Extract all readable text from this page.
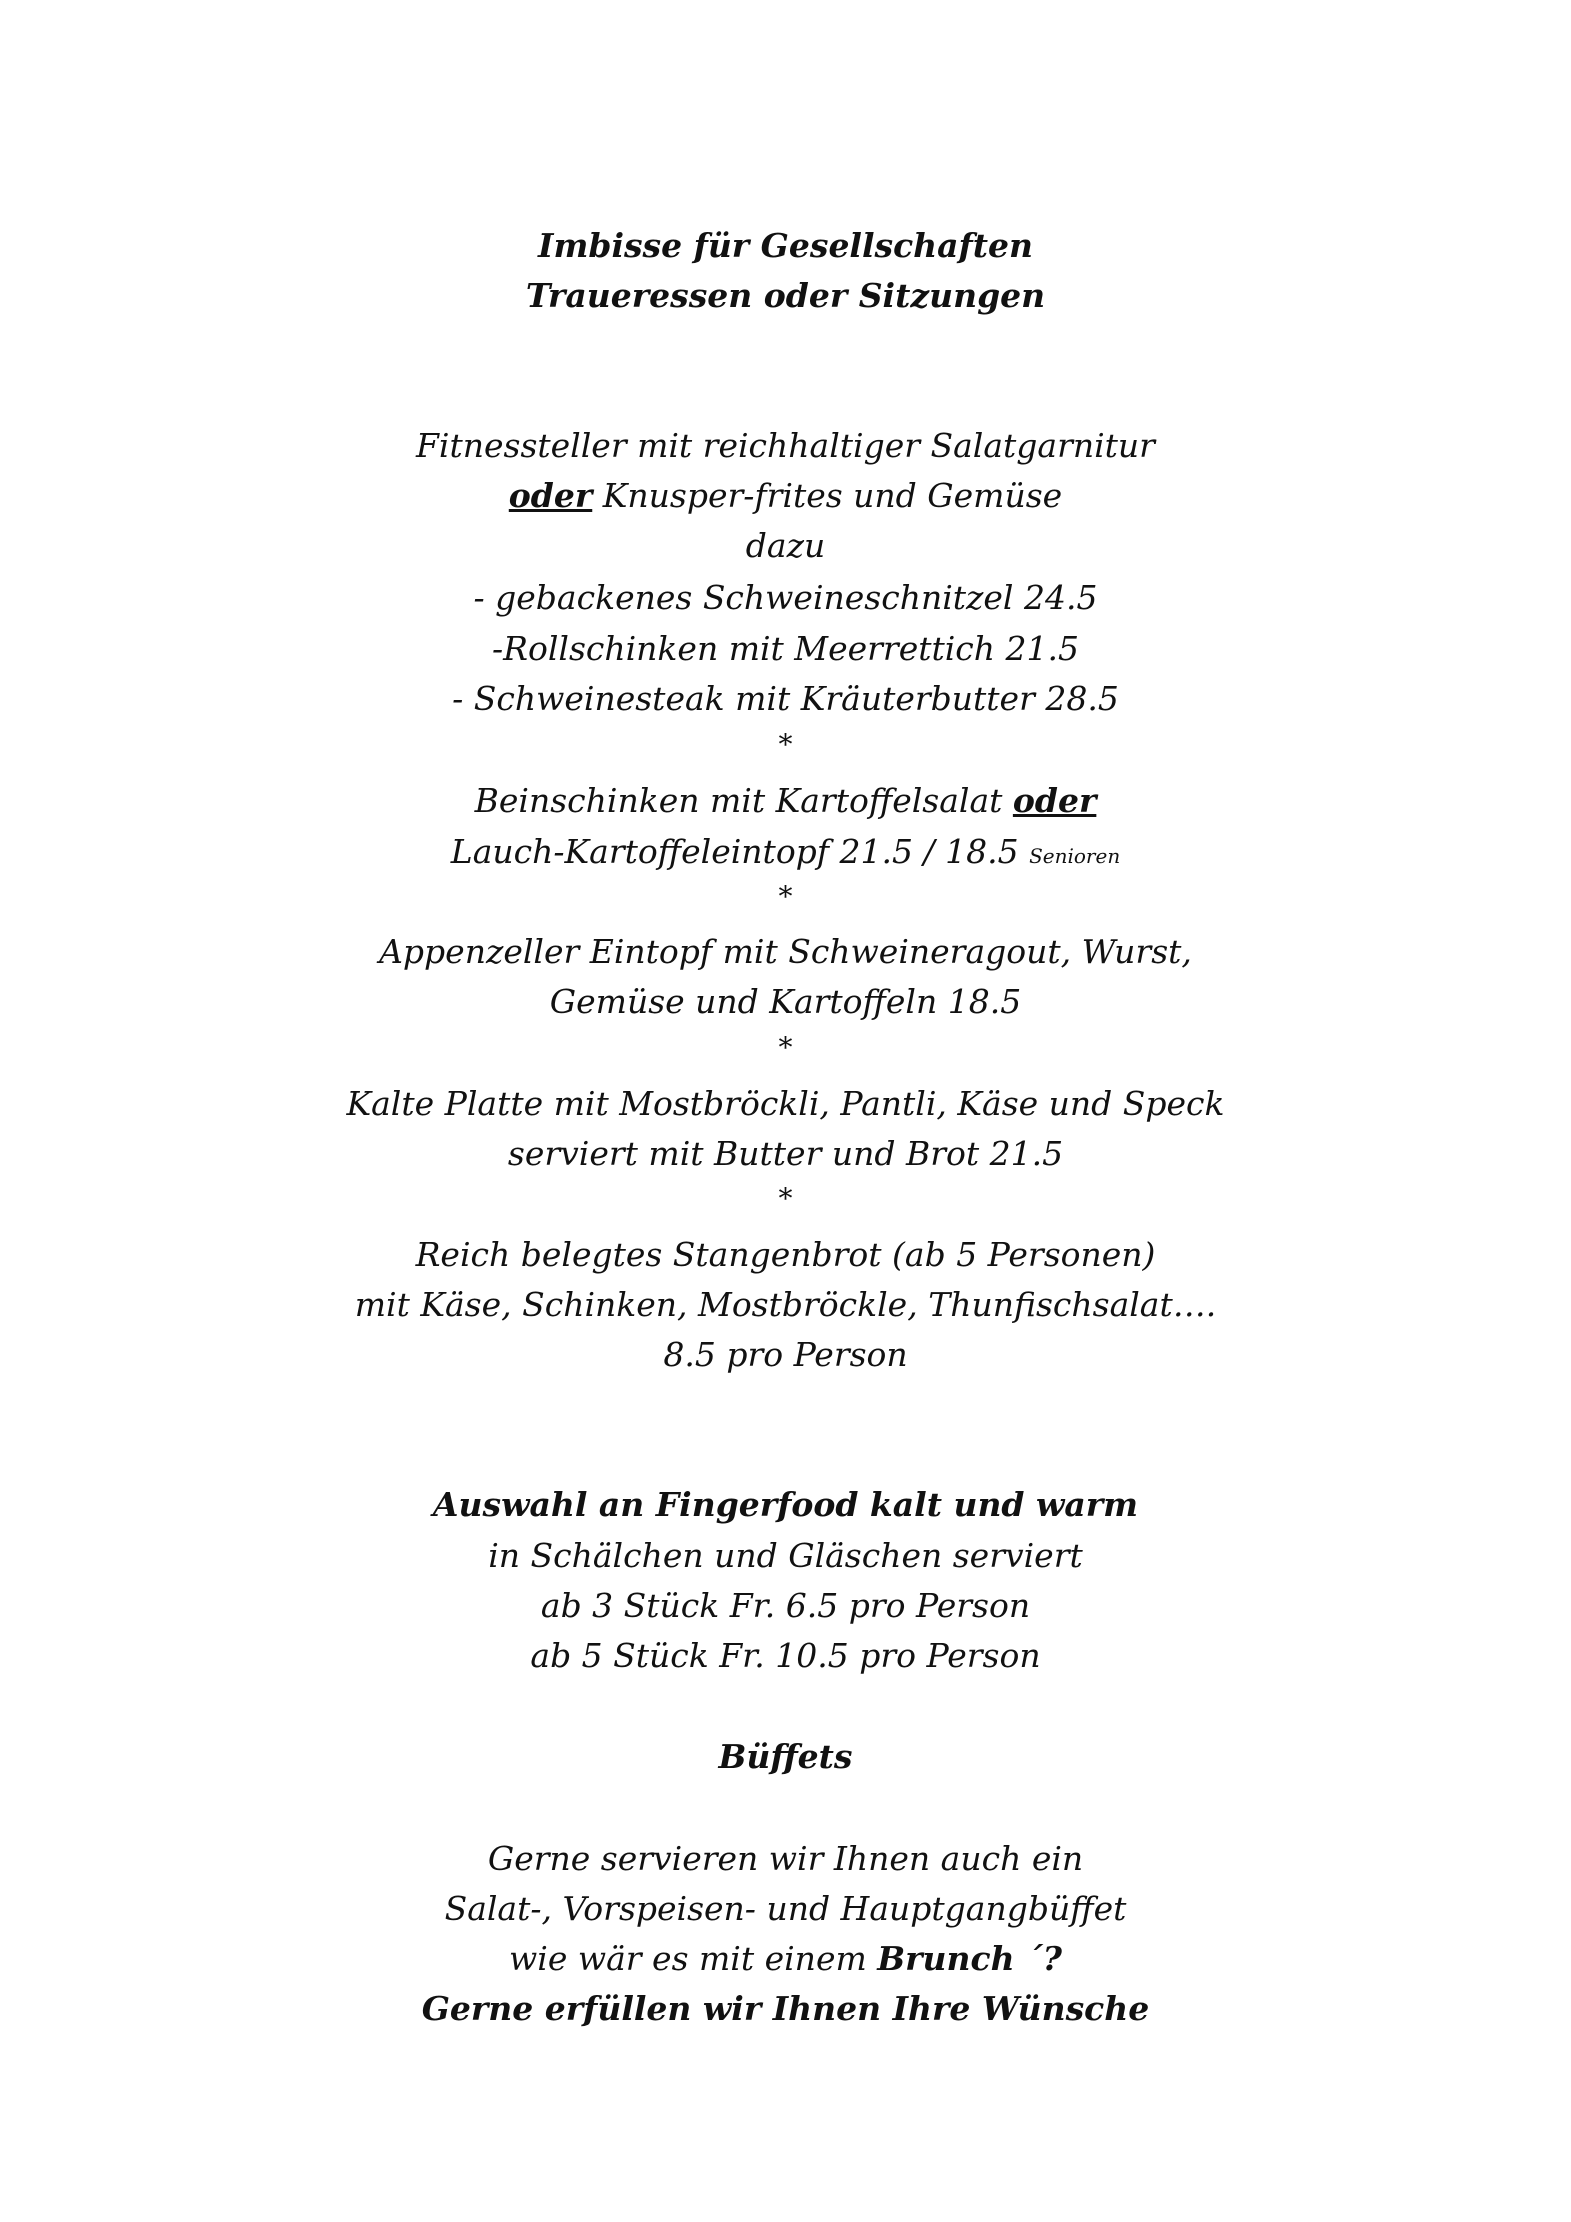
Imbisse für Gesellschaften
Traueressen oder Sitzungen
Fitnessteller mit reichhaltiger Salatgarnitur
oder Knusper-frites und Gemüse
dazu
- gebackenes Schweineschnitzel 24.5
-Rollschinken mit Meerrettich 21.5
- Schweinesteak mit Kräuterbutter 28.5
*
Beinschinken mit Kartoffelsalat oder
Lauch-Kartoffeleintopf 21.5 / 18.5 Senioren
*
Appenzeller Eintopf mit Schweineragout, Wurst,
Gemüse und Kartoffeln 18.5
*
Kalte Platte mit Mostbröckli, Pantli, Käse und Speck
serviert mit Butter und Brot 21.5
*
Reich belegtes Stangenbrot (ab 5 Personen)
mit Käse, Schinken, Mostbröckle, Thunfischsalat….
8.5 pro Person
Auswahl an Fingerfood kalt und warm
in Schälchen und Gläschen serviert
ab 3 Stück Fr. 6.5 pro Person
ab 5 Stück Fr. 10.5 pro Person
Büffets
Gerne servieren wir Ihnen auch ein
Salat-, Vorspeisen- und Hauptgangbüffet
wie wär es mit einem Brunch ´?
Gerne erfüllen wir Ihnen Ihre Wünsche
